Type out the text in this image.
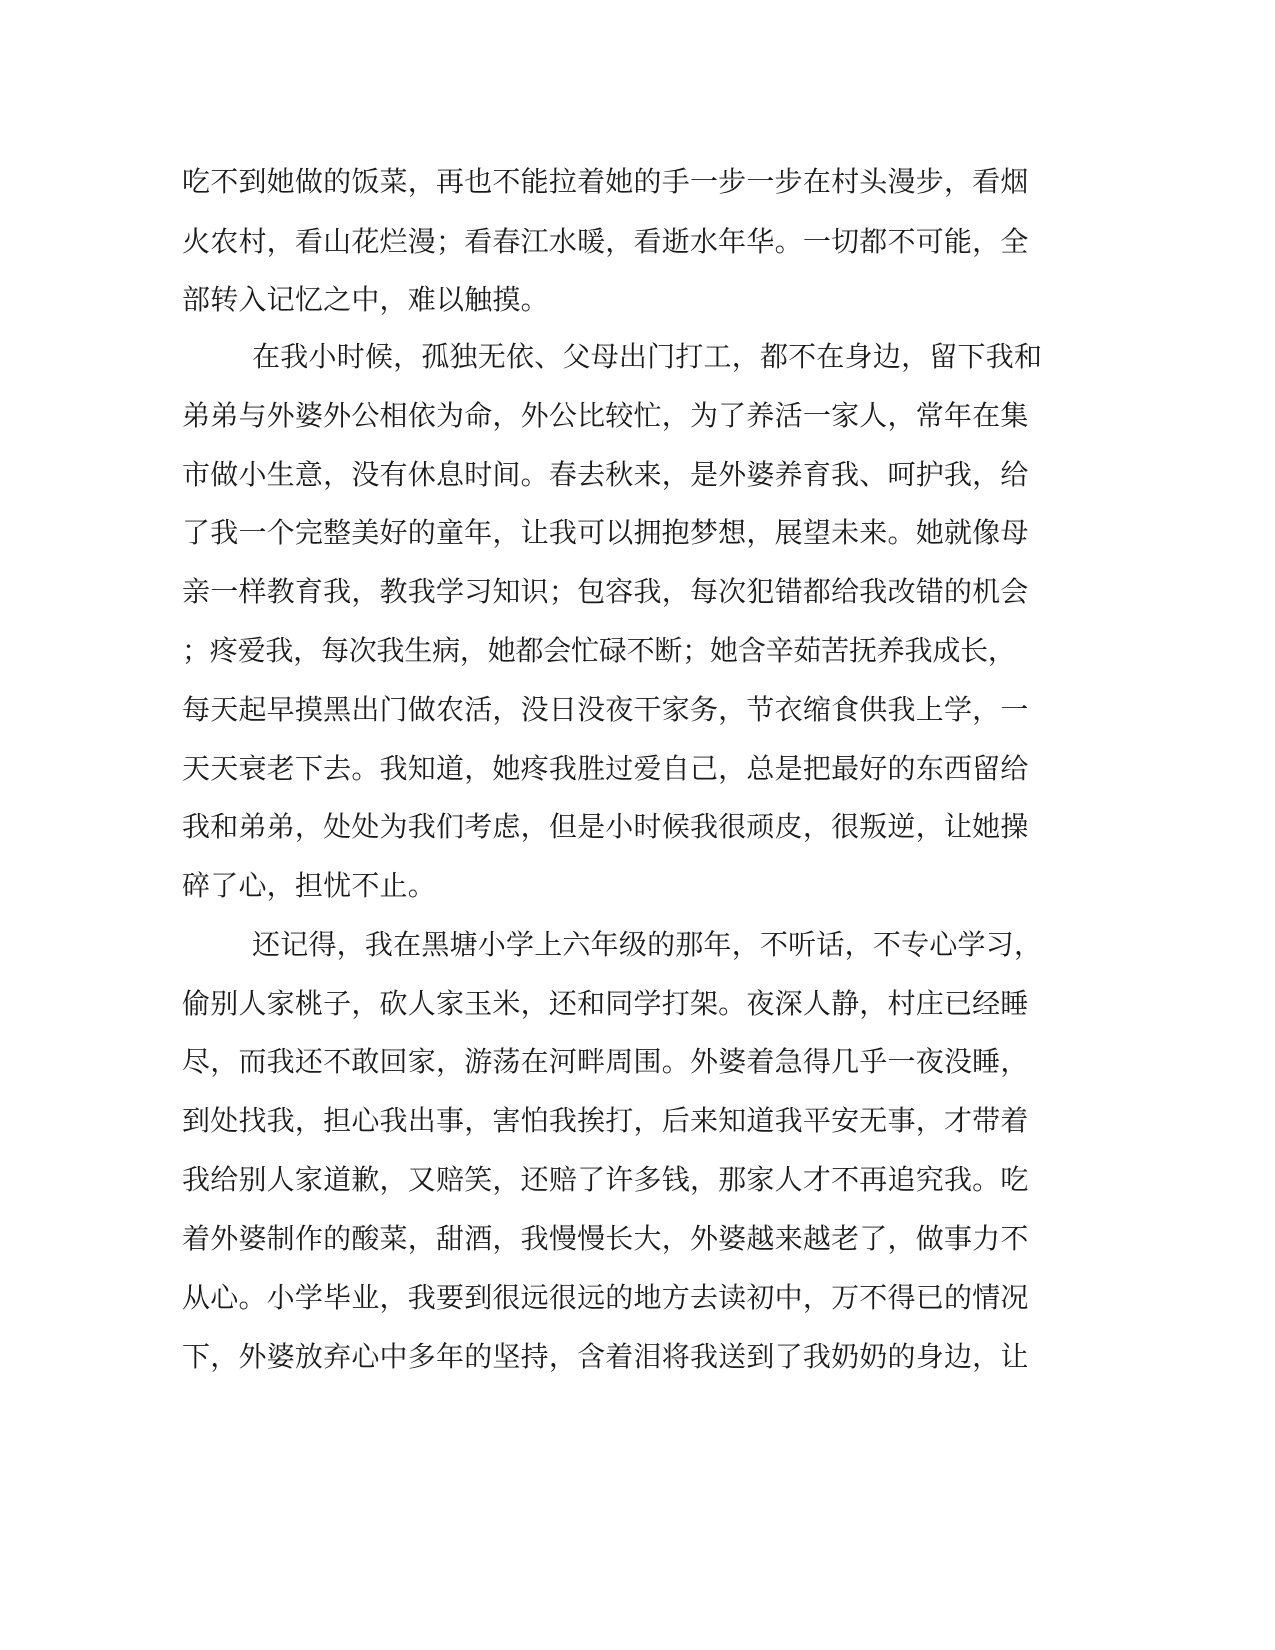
吃不到她做的饭菜，再也不能拉着她的手一步一步在村头漫步，看烟
火农村，看山花烂漫；看春江水暖，看逝水年华。一切都不可能，全
部转入记忆之中，难以触摸。
在我小时候，孤独无依、父母出门打工，都不在身边，留下我和
弟弟与外婆外公相依为命，外公比较忙，为了养活一家人，常年在集
市做小生意，没有休息时间。春去秋来，是外婆养育我、呵护我，给
了我一个完整美好的童年，让我可以拥抱梦想，展望未来。她就像母
亲一样教育我，教我学习知识；包容我，每次犯错都给我改错的机会
；疼爱我，每次我生病，她都会忙碌不断；她含辛茹苦抚养我成长，
每天起早摸黑出门做农活，没日没夜干家务，节衣缩食供我上学，一
天天衰老下去。我知道，她疼我胜过爱自己，总是把最好的东西留给
我和弟弟，处处为我们考虑，但是小时候我很顽皮，很叛逆，让她操
碎了心，担忧不止。
还记得，我在黑塘小学上六年级的那年，不听话，不专心学习，
偷别人家桃子，砍人家玉米，还和同学打架。夜深人静，村庄已经睡
尽，而我还不敢回家，游荡在河畔周围。外婆着急得几乎一夜没睡，
到处找我，担心我出事，害怕我挨打，后来知道我平安无事，才带着
我给别人家道歉，又赔笑，还赔了许多钱，那家人才不再追究我。吃
着外婆制作的酸菜，甜酒，我慢慢长大，外婆越来越老了，做事力不
从心。小学毕业，我要到很远很远的地方去读初中，万不得已的情况
下，外婆放弃心中多年的坚持，含着泪将我送到了我奶奶的身边，让
